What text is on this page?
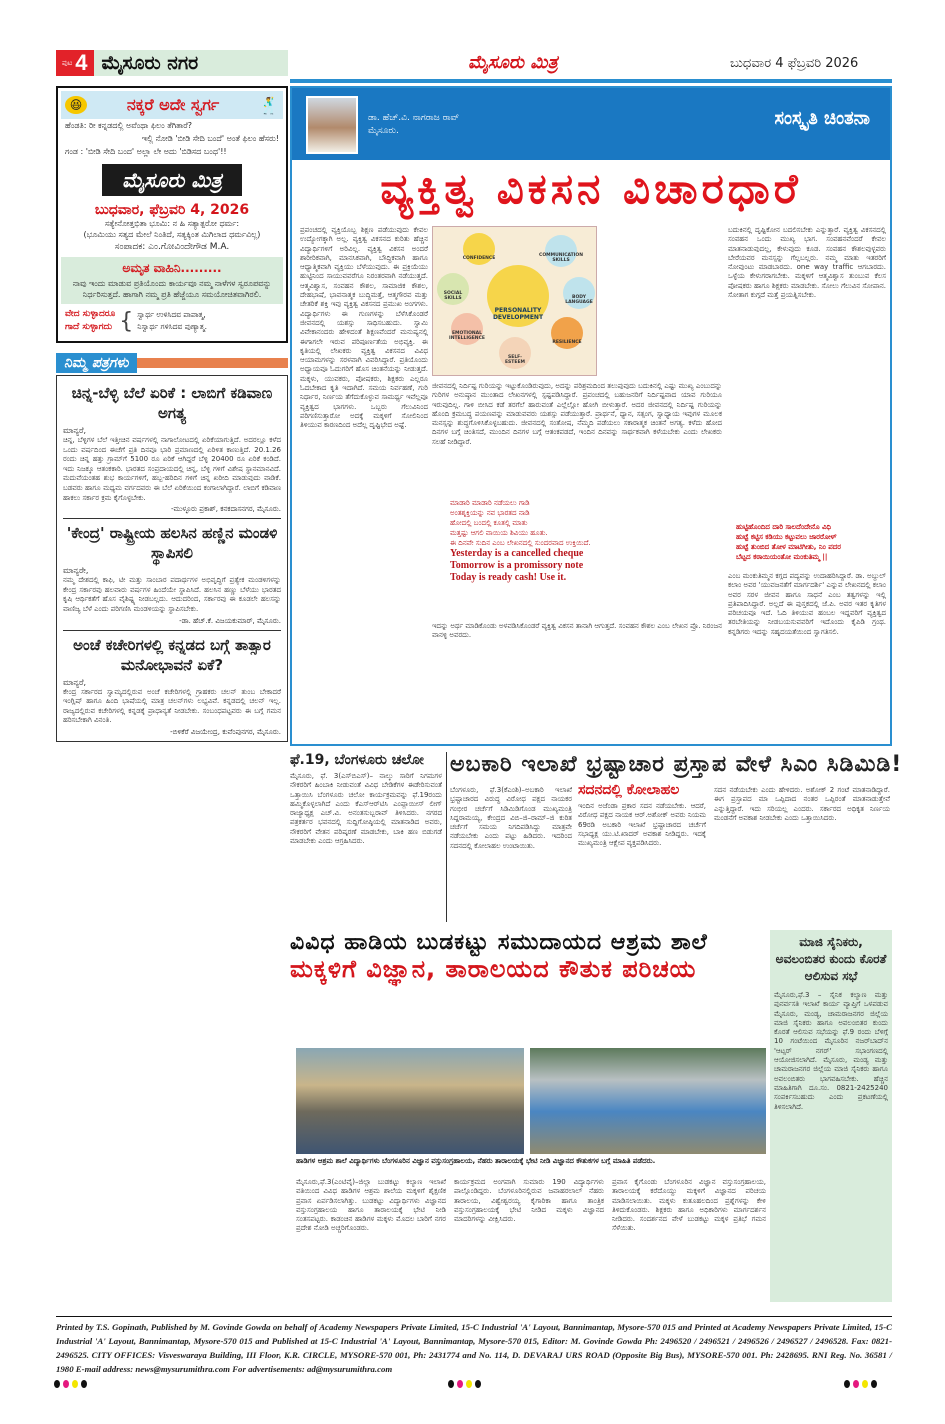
ಪುಟ 4 ಮೈಸೂರು ನಗರ	ಮೈಸೂರು ಮಿತ್ರ	ಬುಧವಾರ 4 ಫೆಬ್ರವರಿ 2026
😆	ನಕ್ಕರೆ ಅದೇ ಸ್ವರ್ಗ 🕺
ಹೆಂಡತಿ: ರೀ ಕನ್ನಡದಲ್ಲಿ ಅವೆಂಥಾ ಫಿಲಂ ತೆಗಿತಾರೆ?
ಇಲ್ಲಿ ನೋಡಿ 'ಬೀಡಿ ಸೇದಿ ಬಂದೆ' ಅಂತೆ ಫಿಲಂ ಹೆಸರು!
ಗಂಡ : 'ಬೀಡಿ ಸೇದಿ ಬಂದ' ಅಲ್ಲಾ ಲೇ ಅದು 'ಬಿಡಿಸದ ಬಂಧ'!!
ಮೈಸೂರು ಮಿತ್ರ
ಬುಧವಾರ, ಫೆಬ್ರವರಿ 4, 2026
ಸತ್ಯೇನೋತ್ತಭಿತಾ ಭೂಮಿ: ನ ಹಿ ಸತ್ಯಾತ್ಪರೋ ಧರ್ಮ:
(ಭೂಮಿಯು ಸತ್ಯದ ಮೇಲೆ ನಿಂತಿದೆ, ಸತ್ಯಕ್ಕಿಂತ ಮಿಗಿಲಾದ ಧರ್ಮವಿಲ್ಲ)
ಸಂಪಾದಕ: ಎಂ.ಗೋವಿಂದೇಗೌಡ M.A.
ಅಮೃತ ವಾಹಿನಿ.........
ನಾವು ಇಂದು ಮಾಡುವ ಪ್ರತಿಯೊಂದು ಕಾರ್ಯವೂ ನಮ್ಮ ನಾಳೆಗಳ ಸ್ವರೂಪವನ್ನು ನಿರ್ಧರಿಸುತ್ತದೆ. ಹಾಗಾಗಿ ನಮ್ಮ ಪ್ರತಿ ಹೆಜ್ಜೆಯೂ ಸಮಯೋಚಿತವಾಗಿರಲಿ.
ವೇದ ಸುಳ್ಳಾದರೂ
ಗಾದೆ ಸುಳ್ಳಾಗದು { ಸ್ವಾರ್ಥ ಉಳಿಸಿದವ ಪಾಪಾತ್ಮ,
ನಿಸ್ವಾರ್ಥ ಗಳಿಸಿದವ ಪುಣ್ಯಾತ್ಮ.
ನಿಮ್ಮ ಪತ್ರಗಳು
ಚಿನ್ನ-ಬೆಳ್ಳಿ ಬೆಲೆ ಏರಿಕೆ : ಲಾಬಿಗೆ ಕಡಿವಾಣ ಅಗತ್ಯ
ಮಾನ್ಯರೆ,
ಚಿನ್ನ, ಬೆಳ್ಳಿಗಳ ಬೆಲೆ ಇತ್ತೀಚಿನ ವರ್ಷಗಳಲ್ಲಿ ನಾಗಾಲೋಟದಲ್ಲಿ ಏರಿಕೆಯಾಗುತ್ತಿದೆ. ಅದರಲ್ಲೂ ಕಳೆದ ಒಂದು ವರ್ಷದಿಂದ ಈಚೆಗೆ ಪ್ರತಿ ದಿನವೂ ಭಾರಿ ಪ್ರಮಾಣದಲ್ಲಿ ಏರಿಳಿತ ಕಾಣುತ್ತಿದೆ. 20.1.26 ರಂದು ಚಿನ್ನ ಹತ್ತು ಗ್ರಾಮ್‌ಗೆ 5100 ರೂ ಏರಿಕೆ ಆಗಿದ್ದರೆ ಬೆಳ್ಳಿ 20400 ರೂ ಏರಿಕೆ ಕಂಡಿದೆ. ಇದು ನಿಜಕ್ಕೂ ಆತಂಕಕಾರಿ. ಭಾರತದ ಸಂಪ್ರದಾಯದಲ್ಲಿ ಚಿನ್ನ, ಬೆಳ್ಳಿ ಗಳಿಗೆ ವಿಶೇಷ ಸ್ಥಾನಮಾನವಿದೆ. ಮದುವೆಯಂತಹ ಶುಭ ಕಾರ್ಯಗಳಿಗೆ, ಹಬ್ಬ-ಹರಿದಿನ ಗಳಿಗೆ ಚಿನ್ನ ಖರೀದಿ ಮಾಡುವುದು ವಾಡಿಕೆ. ಬಡವರು ಹಾಗೂ ಮಧ್ಯಮ ವರ್ಗದವರು ಈ ಬೆಲೆ ಏರಿಕೆಯಿಂದ ಕಂಗಾಲಾಗಿದ್ದಾರೆ. ಲಾಬಿಗೆ ಕಡಿವಾಣ ಹಾಕಲು ಸರ್ಕಾರ ಕ್ರಮ ಕೈಗೊಳ್ಳಬೇಕು.
-ಮುಳ್ಳೂರು ಪ್ರಕಾಶ್, ಕನಕದಾಸನಗರ, ಮೈಸೂರು.
'ಕೇಂದ್ರ' ರಾಷ್ಟ್ರೀಯ ಹಲಸಿನ ಹಣ್ಣಿನ ಮಂಡಳಿ ಸ್ಥಾಪಿಸಲಿ
ಮಾನ್ಯರೇ,
ನಮ್ಮ ದೇಶದಲ್ಲಿ ಕಾಫಿ, ಟೀ ಮತ್ತು ಸಾಂಬಾರ ಪದಾರ್ಥಗಳ ಅಭಿವೃದ್ಧಿಗೆ ಪ್ರತ್ಯೇಕ ಮಂಡಳಿಗಳನ್ನು ಕೇಂದ್ರ ಸರ್ಕಾರವು ಹಲವಾರು ವರ್ಷಗಳ ಹಿಂದೆಯೇ ಸ್ಥಾಪಿಸಿದೆ. ಹಲಸಿನ ಹಣ್ಣು ಬೆಳೆಯು ಭಾರತದ ಕೃಷಿ ಆರ್ಥಿಕತೆಗೆ ಹೊಸ ವೈಶಿಷ್ಟ್ಯ ನೀಡಬಲ್ಲದು. ಆದುದರಿಂದ, ಸರ್ಕಾರವು ಈ ಕೂಡಲೇ ಹಲಸನ್ನು ವಾಣಿಜ್ಯ ಬೆಳೆ ಎಂದು ಪರಿಗಣಿಸಿ ಮಂಡಳಿಯನ್ನು ಸ್ಥಾಪಿಸಬೇಕು.
-ಡಾ. ಹೆಚ್.ಕೆ. ವಿಜಯಕುಮಾರ್, ಮೈಸೂರು.
ಅಂಚೆ ಕಚೇರಿಗಳಲ್ಲಿ ಕನ್ನಡದ ಬಗ್ಗೆ ತಾತ್ಸಾರ ಮನೋಭಾವನೆ ಏಕೆ?
ಮಾನ್ಯರೆ,
ಕೇಂದ್ರ ಸರ್ಕಾರದ ಸ್ವಾಮ್ಯದಲ್ಲಿರುವ ಅಂಚೆ ಕಚೇರಿಗಳಲ್ಲಿ ಗ್ರಾಹಕರು ಚಲನ್ ತುಂಬ ಬೇಕಾದರೆ ಇಂಗ್ಲಿಷ್ ಹಾಗೂ ಹಿಂದಿ ಭಾಷೆಯಲ್ಲಿ ಮಾತ್ರ ಚಲನ್‌ಗಳು ಲಭ್ಯವಿವೆ. ಕನ್ನಡದಲ್ಲಿ ಚಲನ್ ಇಲ್ಲ. ರಾಜ್ಯದಲ್ಲಿರುವ ಕಚೇರಿಗಳಲ್ಲಿ ಕನ್ನಡಕ್ಕೆ ಪ್ರಾಧಾನ್ಯತೆ ನೀಡಬೇಕು. ಸಂಬಂಧಪಟ್ಟವರು ಈ ಬಗ್ಗೆ ಗಮನ ಹರಿಸಬೇಕಾಗಿ ವಿನಂತಿ.
-ಬಿಳಿಕೆರೆ ವಿಜಯೇಂದ್ರ, ಕುವೆಂಪುನಗರ, ಮೈಸೂರು.
ಡಾ. ಹೆಚ್.ವಿ. ನಾಗರಾಜ ರಾವ್
ಮೈಸೂರು.
ಸಂಸ್ಕೃತಿ ಚಿಂತನಾ
ವ್ಯಕ್ತಿತ್ವ ವಿಕಸನ ವಿಚಾರಧಾರೆ
ಪ್ರಪಂಚದಲ್ಲಿ ವ್ಯಕ್ತಿಯೊಬ್ಬ ಶಿಕ್ಷಣ ಪಡೆಯುವುದು ಕೇವಲ ಉದ್ಯೋಗಕ್ಕಾಗಿ ಅಲ್ಲ. ವ್ಯಕ್ತಿತ್ವ ವಿಕಸನದ ಕುರಿತು ಹೆಚ್ಚಿನ ವಿದ್ಯಾರ್ಥಿಗಳಿಗೆ ಅರಿವಿಲ್ಲ. ವ್ಯಕ್ತಿತ್ವ ವಿಕಸನ ಅಂದರೆ ಶಾರೀರಿಕವಾಗಿ, ಮಾನಸಿಕವಾಗಿ, ಬೌದ್ಧಿಕವಾಗಿ ಹಾಗೂ ಆಧ್ಯಾತ್ಮಿಕವಾಗಿ ವ್ಯಕ್ತಿಯು ಬೆಳೆಯುವುದು. ಈ ಪ್ರಕ್ರಿಯೆಯು ಹುಟ್ಟಿನಿಂದ ಸಾಯುವವರೆಗೂ ನಿರಂತರವಾಗಿ ನಡೆಯುತ್ತದೆ. ಆತ್ಮವಿಶ್ವಾಸ, ಸಂವಹನ ಕೌಶಲ, ಸಾಮಾಜಿಕ ಕೌಶಲ, ದೇಹಭಾಷೆ, ಭಾವನಾತ್ಮಕ ಬುದ್ಧಿಮತ್ತೆ, ಆತ್ಮಗೌರವ ಮತ್ತು ಚೇತರಿಕೆ ಶಕ್ತಿ ಇವು ವ್ಯಕ್ತಿತ್ವ ವಿಕಸನದ ಪ್ರಮುಖ ಅಂಗಗಳು. ವಿದ್ಯಾರ್ಥಿಗಳು ಈ ಗುಣಗಳನ್ನು ಬೆಳೆಸಿಕೊಂಡರೆ ಜೀವನದಲ್ಲಿ ಯಶಸ್ಸು ಸಾಧಿಸಬಹುದು. ಸ್ವಾಮಿ ವಿವೇಕಾನಂದರು ಹೇಳಿದಂತೆ ಶಿಕ್ಷಣವೆಂದರೆ ಮನುಷ್ಯನಲ್ಲಿ ಈಗಾಗಲೇ ಇರುವ ಪರಿಪೂರ್ಣತೆಯ ಅಭಿವ್ಯಕ್ತಿ. ಈ ಕೃತಿಯಲ್ಲಿ ಲೇಖಕರು ವ್ಯಕ್ತಿತ್ವ ವಿಕಸನದ ವಿವಿಧ ಆಯಾಮಗಳನ್ನು ಸರಳವಾಗಿ ವಿವರಿಸಿದ್ದಾರೆ. ಪ್ರತಿಯೊಂದು ಅಧ್ಯಾಯವೂ ಓದುಗರಿಗೆ ಹೊಸ ಚಿಂತನೆಯನ್ನು ನೀಡುತ್ತದೆ. ಮಕ್ಕಳು, ಯುವಕರು, ಪೋಷಕರು, ಶಿಕ್ಷಕರು ಎಲ್ಲರೂ ಓದಬೇಕಾದ ಕೃತಿ ಇದಾಗಿದೆ. ಸಮಯ ನಿರ್ವಹಣೆ, ಗುರಿ ನಿರ್ಧಾರ, ನಿರ್ಣಯ ತೆಗೆದುಕೊಳ್ಳುವ ಸಾಮರ್ಥ್ಯ ಇವೆಲ್ಲವೂ ವ್ಯಕ್ತಿತ್ವದ ಭಾಗಗಳು. ಒಬ್ಬರು ಗೆಲುವಿನಿಂದ ಪರಿಗಣಿಸುತ್ತಾರೋ ಅದಕ್ಕೆ ಮಕ್ಕಳಿಗೆ ಸೋಲಿನಿಂದ ತಿಳಿಯುವ ಕಾರಣದಿಂದ ಅದೆಲ್ಲ ದೃಷ್ಟಿಭೇದ ಅಷ್ಟೆ.
PERSONALITY DEVELOPMENT
CONFIDENCE
COMMUNICATION SKILLS
SOCIAL SKILLS	BODY LANGUAGE
EMOTIONAL INTELLIGENCE
SELF-ESTEEM
RESILIENCE
ಜೀವನದಲ್ಲಿ ನಿರ್ದಿಷ್ಟ ಗುರಿಯನ್ನು ಇಟ್ಟುಕೊಂಡಿರುವುದು, ಅದನ್ನು ಪರಿಶ್ರಮದಿಂದ ತಲುಪುವುದು ಬದುಕಿನಲ್ಲಿ ಎಷ್ಟು ಮುಖ್ಯ ಎಂಬುದನ್ನು ಗುರಿಗಳ ಅನುಷ್ಠಾನ ಮುಂತಾದ ಲೇಖನಗಳಲ್ಲಿ ಸ್ಪಷ್ಟಪಡಿಸಿದ್ದಾರೆ. ಪ್ರಪಂಚದಲ್ಲಿ ಬಹುಜನರಿಗೆ ನಿರ್ದಿಷ್ಟವಾದ ಯಾವ ಗುರಿಯೂ ಇರುವುದಿಲ್ಲ. ಗಾಳಿ ಬೀಸಿದ ಕಡೆ ತರಗೆಲೆ ಹಾರುವಂತೆ ಎಲ್ಲೆಲ್ಲೋ ಹೋಗಿ ಬೀಳುತ್ತಾರೆ. ಅದರ ಜೀವನದಲ್ಲಿ ನಿರ್ದಿಷ್ಟ ಗುರಿಯನ್ನು ಹೊಂದಿ ಕ್ರಮಬದ್ಧ ಪಯಣವನ್ನು ಮಾಡುವವರು ಯಶಸ್ಸು ಪಡೆಯುತ್ತಾರೆ. ಪ್ರಾರ್ಥನೆ, ಧ್ಯಾನ, ಸತ್ಸಂಗ, ಸ್ವಾಧ್ಯಾಯ ಇವುಗಳ ಮೂಲಕ ಮನಸ್ಸನ್ನು ಶುದ್ಧಗೊಳಿಸಿಕೊಳ್ಳಬಹುದು. ಜೀವನದಲ್ಲಿ ಸಂತೋಷ, ನೆಮ್ಮದಿ ಪಡೆಯಲು ಸಕಾರಾತ್ಮಕ ಚಿಂತನೆ ಅಗತ್ಯ. ಕಳೆದು ಹೋದ ದಿನಗಳ ಬಗ್ಗೆ ಚಿಂತಿಸದೆ, ಮುಂದಿನ ದಿನಗಳ ಬಗ್ಗೆ ಆತಂಕಪಡದೆ, ಇಂದಿನ ದಿನವನ್ನು ಸಾರ್ಥಕವಾಗಿ ಕಳೆಯಬೇಕು ಎಂದು ಲೇಖಕರು ಸಲಹೆ ನೀಡಿದ್ದಾರೆ.
ಮಾಡಾರಿ ಮಾಡಾರಿ ನಡೆಯಲು ಗಾಡಿ
ಅಂತಶ್ಶಕ್ತಿಯನ್ನು ನವ ಭಾರತದ ನಾಡಿ
ಹೋದಲ್ಲಿ ಬಂದಲ್ಲಿ ಕೂತಲ್ಲಿ ಮಾತು
ಮತ್ತಷ್ಟು ಆಗಲಿ ವಾಯಿಯ ಶಿವಿಯು ಹೂತು.
ಈ ದಿನವೇ ಸುದಿನ ಎಂಬ ಲೇಖನದಲ್ಲಿ ಸುಂದರವಾದ ಉಕ್ತಿಯಿದೆ.
Yesterday is a cancelled cheque
Tomorrow is a promissory note
Today is ready cash! Use it.
ಇದನ್ನು ಅರ್ಥ ಮಾಡಿಕೊಂಡು ಅಳವಡಿಸಿಕೊಂಡರೆ ವ್ಯಕ್ತಿತ್ವ ವಿಕಸನ ತಾನಾಗಿ ಆಗುತ್ತದೆ. ಸಂವಹನ ಕೌಶಲ ಎಂಬ ಲೇಖನ ಪ್ರೊ. ನಿರಂಜನ ವಾನಳ್ಳಿ ಅವರದು.
ಬದುಕಿನಲ್ಲಿ ದೃಷ್ಟಿಕೋನ ಬದಲಿಸಬೇಕು ಎನ್ನುತ್ತಾರೆ. ವ್ಯಕ್ತಿತ್ವ ವಿಕಸನದಲ್ಲಿ ಸಂವಹನ ಒಂದು ಮುಖ್ಯ ಭಾಗ. ಸಂವಹನವೆಂದರೆ ಕೇವಲ ಮಾತನಾಡುವುದಲ್ಲ, ಕೇಳುವುದು ಕೂಡ. ಸಂವಹನ ಕೌಶಲವುಳ್ಳವರು ಬೇರೆಯವರ ಮನಸ್ಸನ್ನು ಗೆಲ್ಲಬಲ್ಲರು. ನಮ್ಮ ಮಾತು ಇತರರಿಗೆ ನೋವುಂಟು ಮಾಡಬಾರದು. one way traffic ಆಗಬಾರದು. ಒಳ್ಳೆಯ ಕೇಳುಗರಾಗಬೇಕು. ಮಕ್ಕಳಿಗೆ ಆತ್ಮವಿಶ್ವಾಸ ತುಂಬುವ ಕೆಲಸ ಪೋಷಕರು ಹಾಗೂ ಶಿಕ್ಷಕರು ಮಾಡಬೇಕು. ಸೋಲು ಗೆಲುವಿನ ಸೋಪಾನ. ಸೋತಾಗ ಕುಗ್ಗದೆ ಮತ್ತೆ ಪ್ರಯತ್ನಿಸಬೇಕು.
ಹುಟ್ಟಿಹೊಂದಿದ ದಾರಿ ಸಾಲದೆಂದೇನೊ ವಿಧಿ
ಹುಟ್ಟೆ ಕಟ್ಟಿಸ ಕಡಿಯು ಕಟ್ಟುವಲು ಜಾರರೋಳ್
ಹುಟ್ಟೆ ತುಂಬಿದ ತೋಳ ಮಾಟಿಗೀತು, ನಿಂ ಪದರ
ಬೆಟ್ಟದ ಕಠಾಯಿಯಂತೋ ಮಂಕುತಿಮ್ಮ ||
ಎಂಬ ಮಂಕುತಿಮ್ಮನ ಕಗ್ಗದ ಪದ್ಯವನ್ನು ಉದಾಹರಿಸಿದ್ದಾರೆ. ಡಾ. ಅಬ್ದುಲ್ ಕಲಾಂ ಅವರ 'ಯುವಜನತೆಗೆ ಮಾರ್ಗದರ್ಶಿ' ಎನ್ನುವ ಲೇಖನದಲ್ಲಿ ಕಲಾಂ ಅವರ ಸರಳ ಜೀವನ ಹಾಗೂ ಸಾಧನೆ ಎಂಬ ತತ್ವಗಳನ್ನು ಇಲ್ಲಿ ಪ್ರತಿಪಾದಿಸಿದ್ದಾರೆ. ಅಲ್ಲದೆ ಈ ಪುಸ್ತಕದಲ್ಲಿ ಜೆ.ಪಿ. ಅವರ ಇತರ ಕೃತಿಗಳ ಪರಿಚಯವೂ ಇದೆ. ಓದಿ ತಿಳಿಯುವ ಹಂಬಲ ಇದ್ದವರಿಗೆ ವ್ಯಕ್ತಿತ್ವದ ತರಬೇತಿಯನ್ನು ನೀಡಬಯಸುವವರಿಗೆ ಇದೊಂದು ಕೈಪಿಡಿ ಗ್ರಂಥ. ಕನ್ನಡಿಗರು ಇದನ್ನು ಸಹೃದಯತೆಯಿಂದ ಸ್ವಾಗತಿಸಲಿ.
ಫೆ.19, ಬೆಂಗಳೂರು ಚಲೋ
ಮೈಸೂರು, ಫೆ. 3(ಎಸ್‌ಬಿಎಸ್)– ನಾಲ್ಕು ಸಾರಿಗೆ ನಿಗಮಗಳ ನೌಕರರಿಗೆ ಹಿಂಬಾಕಿ ನೀಡುವಂತೆ ವಿವಿಧ ಬೇಡಿಕೆಗಳ ಈಡೇರಿಸುವಂತೆ ಒತ್ತಾಯಿಸಿ ಬೆಂಗಳೂರು ಚಲೋ ಕಾರ್ಯಕ್ರಮವನ್ನು ಫೆ.19ರಂದು ಹಮ್ಮಿಕೊಳ್ಳಲಾಗಿದೆ ಎಂದು ಕೆಎಸ್‌ಆರ್‌ಟಿಸಿ ಎಂಪ್ಲಾಯೀಸ್ ಲೀಗ್ ರಾಜ್ಯಾಧ್ಯಕ್ಷ ಎಚ್.ವಿ. ಅನಂತಸುಬ್ಬರಾವ್ ತಿಳಿಸಿದರು. ನಗರದ ಪತ್ರಕರ್ತರ ಭವನದಲ್ಲಿ ಸುದ್ದಿಗೋಷ್ಠಿಯಲ್ಲಿ ಮಾತನಾಡಿದ ಅವರು, ನೌಕರರಿಗೆ ವೇತನ ಪರಿಷ್ಕರಣೆ ಮಾಡಬೇಕು, ಬಾಕಿ ಹಣ ಬಿಡುಗಡೆ ಮಾಡಬೇಕು ಎಂದು ಆಗ್ರಹಿಸಿದರು.
ಅಬಕಾರಿ ಇಲಾಖೆ ಭ್ರಷ್ಟಾಚಾರ ಪ್ರಸ್ತಾಪ ವೇಳೆ ಸಿಎಂ ಸಿಡಿಮಿಡಿ!
ಬೆಂಗಳೂರು, ಫೆ.3(ಕೆಎಂಶಿ)–ಅಬಕಾರಿ ಇಲಾಖೆ ಭ್ರಷ್ಟಾಚಾರದ ವಿರುದ್ಧ ವಿರೋಧ ಪಕ್ಷದ ನಾಯಕರ ಗಂಭೀರ ಚರ್ಚೆಗೆ ಸಿಡಿಮಿಡಿಗೊಂಡ ಮುಖ್ಯಮಂತ್ರಿ ಸಿದ್ದರಾಮಯ್ಯ, ಕೇಂದ್ರದ ವಿಬಿ–ಜಿ–ರಾಮ್–ಜಿ ಕುರಿತ ಚರ್ಚೆಗೆ ಸಮಯ ನಿಗದಿಪಡಿಸಿದ್ದು ಮಾತ್ರವೇ ನಡೆಯಬೇಕು ಎಂದು ಪಟ್ಟು ಹಿಡಿದರು. ಇದರಿಂದ ಸದನದಲ್ಲಿ ಕೋಲಾಹಲ ಉಂಟಾಯಿತು.
ಸದನದಲ್ಲಿ ಕೋಲಾಹಲ
ಇಂದಿನ ಅಜೆಂಡಾ ಪ್ರಕಾರ ಸದನ ನಡೆಯಬೇಕು. ಆದರೆ, ವಿರೋಧ ಪಕ್ಷದ ನಾಯಕ ಆರ್.ಅಶೋಕ್ ಅವರು ನಿಯಮ 69ರಡಿ ಅಬಕಾರಿ ಇಲಾಖೆ ಭ್ರಷ್ಟಾಚಾರದ ಚರ್ಚೆಗೆ ಸಭಾಧ್ಯಕ್ಷ ಯು.ಟಿ.ಖಾದರ್ ಅವಕಾಶ ನೀಡಿದ್ದರು. ಇದಕ್ಕೆ ಮುಖ್ಯಮಂತ್ರಿ ಆಕ್ಷೇಪ ವ್ಯಕ್ತಪಡಿಸಿದರು.
ಸದನ ನಡೆಯಬೇಕು ಎಂದು ಹೇಳಿದರು. ಅಶೋಕ್ 2 ಗಂಟೆ ಮಾತನಾಡಿದ್ದಾರೆ. ಈಗ ಪ್ರಸ್ತಾಪದ ಮಾ ಒಪ್ಪಿದಾದ ನಂತರ ಒಪ್ಪಿರಂತೆ ಮಾತನಾಡುತ್ತೇವೆ ಎನ್ನುತ್ತಿದ್ದಾರೆ. ಇದು ಸರಿಯಲ್ಲ ಎಂದರು. ಸರ್ಕಾರದ ಅಧಿಕೃತ ನಿರ್ಣಯ ಮಂಡನೆಗೆ ಅವಕಾಶ ನೀಡಬೇಕು ಎಂದು ಒತ್ತಾಯಿಸಿದರು.
ವಿವಿಧ ಹಾಡಿಯ ಬುಡಕಟ್ಟು ಸಮುದಾಯದ ಆಶ್ರಮ ಶಾಲೆ
ಮಕ್ಕಳಿಗೆ ವಿಜ್ಞಾನ, ತಾರಾಲಯದ ಕೌತುಕ ಪರಿಚಯ
ಹಾಡಿಗಳ ಆಶ್ರಮ ಶಾಲೆ ವಿದ್ಯಾರ್ಥಿಗಳು ಬೆಂಗಳೂರಿನ ವಿಜ್ಞಾನ ವಸ್ತುಸಂಗ್ರಹಾಲಯ, ನೆಹರು ತಾರಾಲಯಕ್ಕೆ ಭೇಟಿ ನೀಡಿ ವಿಜ್ಞಾನದ ಕೌತುಕಗಳ ಬಗ್ಗೆ ಮಾಹಿತಿ ಪಡೆದರು.
ಮೈಸೂರು,ಫೆ.3(ಎಂಟಿವೈ)–ಜಿಲ್ಲಾ ಬುಡಕಟ್ಟು ಕಲ್ಯಾಣ ಇಲಾಖೆ ವತಿಯಿಂದ ವಿವಿಧ ಹಾಡಿಗಳ ಆಶ್ರಮ ಶಾಲೆಯ ಮಕ್ಕಳಿಗೆ ಶೈಕ್ಷಣಿಕ ಪ್ರವಾಸ ಏರ್ಪಡಿಸಲಾಗಿತ್ತು. ಬುಡಕಟ್ಟು ವಿದ್ಯಾರ್ಥಿಗಳು ವಿಜ್ಞಾನದ ವಸ್ತುಸಂಗ್ರಹಾಲಯ ಹಾಗೂ ತಾರಾಲಯಕ್ಕೆ ಭೇಟಿ ನೀಡಿ ಸಂತಸಪಟ್ಟರು. ಕಾಡಂಚಿನ ಹಾಡಿಗಳ ಮಕ್ಕಳು ಮೊದಲ ಬಾರಿಗೆ ನಗರ ಪ್ರದೇಶ ನೋಡಿ ಅಚ್ಚರಿಗೊಂಡರು.
ಕಾರ್ಯಕ್ರಮದ ಅಂಗವಾಗಿ ಸುಮಾರು 190 ವಿದ್ಯಾರ್ಥಿಗಳು ಪಾಲ್ಗೊಂಡಿದ್ದರು. ಬೆಂಗಳೂರಿನಲ್ಲಿರುವ ಜವಾಹರಲಾಲ್ ನೆಹರು ತಾರಾಲಯ, ವಿಶ್ವೇಶ್ವರಯ್ಯ ಕೈಗಾರಿಕಾ ಹಾಗೂ ತಾಂತ್ರಿಕ ವಸ್ತುಸಂಗ್ರಹಾಲಯಕ್ಕೆ ಭೇಟಿ ನೀಡಿದ ಮಕ್ಕಳು ವಿಜ್ಞಾನದ ಮಾದರಿಗಳನ್ನು ವೀಕ್ಷಿಸಿದರು.
ಪ್ರವಾಸ ಕೈಗೊಂಡು ಬೆಂಗಳೂರಿನ ವಿಜ್ಞಾನ ವಸ್ತುಸಂಗ್ರಹಾಲಯ, ತಾರಾಲಯಕ್ಕೆ ಕರೆದೊಯ್ದು ಮಕ್ಕಳಿಗೆ ವಿಜ್ಞಾನದ ಪರಿಚಯ ಮಾಡಿಸಲಾಯಿತು. ಮಕ್ಕಳು ಕುತೂಹಲದಿಂದ ಪ್ರಶ್ನೆಗಳನ್ನು ಕೇಳಿ ತಿಳಿದುಕೊಂಡರು. ಶಿಕ್ಷಕರು ಹಾಗೂ ಅಧಿಕಾರಿಗಳು ಮಾರ್ಗದರ್ಶನ ನೀಡಿದರು. ಸಂದರ್ಶನದ ವೇಳೆ ಬುಡಕಟ್ಟು ಮಕ್ಕಳ ಪ್ರತಿಭೆ ಗಮನ ಸೆಳೆಯಿತು.
ಮಾಜಿ ಸೈನಿಕರು, ಅವಲಂಬಿತರ ಕುಂದು ಕೊರತೆ ಆಲಿಸುವ ಸಭೆ
ಮೈಸೂರು,ಫೆ.3 – ಸೈನಿಕ ಕಲ್ಯಾಣ ಮತ್ತು ಪುನರ್ವಸತಿ ಇಲಾಖೆ ಕಾರ್ಯ ವ್ಯಾಪ್ತಿಗೆ ಒಳಪಡುವ ಮೈಸೂರು, ಮಂಡ್ಯ, ಚಾಮರಾಜನಗರ ಜಿಲ್ಲೆಯ ಮಾಜಿ ಸೈನಿಕರು ಹಾಗೂ ಅವಲಂಬಿತರ ಕುಂದು ಕೊರತೆ ಆಲಿಸುವ ಸಭೆಯನ್ನು ಫೆ.9 ರಂದು ಬೆಳಿಗ್ಗೆ 10 ಗಂಟೆಯಿಂದ ಮೈಸೂರಿನ ನಜರ್‌ಬಾದ್‌ನ 'ಆಟ್ಸರ್ ನಗರ್' ಸಭಾಂಗಣದಲ್ಲಿ ಆಯೋಜಿಸಲಾಗಿದೆ. ಮೈಸೂರು, ಮಂಡ್ಯ ಮತ್ತು ಚಾಮರಾಜನಗರ ಜಿಲ್ಲೆಯ ಮಾಜಿ ಸೈನಿಕರು ಹಾಗೂ ಅವಲಂಬಿತರು ಭಾಗವಹಿಸಬೇಕು. ಹೆಚ್ಚಿನ ಮಾಹಿತಿಗಾಗಿ ದೂ.ಸಂ. 0821-2425240 ಸಂಪರ್ಕಿಸಬಹುದು ಎಂದು ಪ್ರಕಟಣೆಯಲ್ಲಿ ತಿಳಿಸಲಾಗಿದೆ.
Printed by T.S. Gopinath, Published by M. Govinde Gowda on behalf of Academy Newspapers Private Limited, 15-C Industrial 'A' Layout, Bannimantap, Mysore-570 015 and Printed at Academy Newspapers Private Limited, 15-C Industrial 'A' Layout, Bannimantap, Mysore-570 015 and Published at 15-C Industrial 'A' Layout, Bannimantap, Mysore-570 015, Editor: M. Govinde Gowda Ph: 2496520 / 2496521 / 2496526 / 2496527 / 2496528. Fax: 0821-2496525. CITY OFFICES: Visveswaraya Building, III Floor, K.R. CIRCLE, MYSORE-570 001, Ph: 2431774 and No. 114, D. DEVARAJ URS ROAD (Opposite Big Bus), MYSORE-570 001. Ph: 2428695. RNI Reg. No. 36581 / 1980 E-mail address: news@mysurumithra.com For advertisements: ad@mysurumithra.com
